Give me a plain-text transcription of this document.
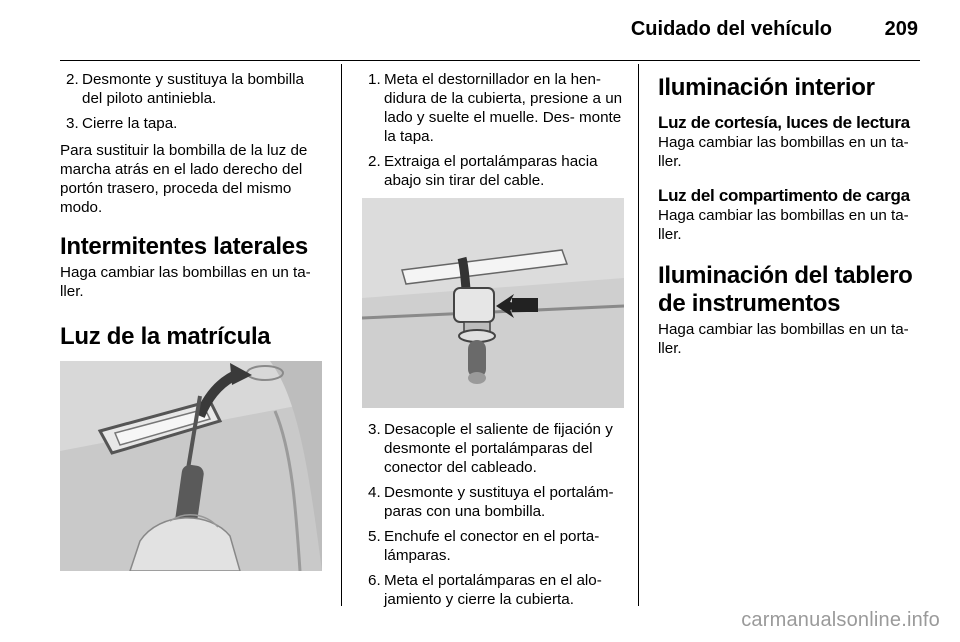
Cuidado del vehículo	209
2. Desmonte y sustituya la bombilla del piloto antiniebla.
3. Cierre la tapa.

Para sustituir la bombilla de la luz de marcha atrás en el lado derecho del portón trasero, proceda del mismo modo.

Intermitentes laterales

Haga cambiar las bombillas en un ta‐ ller.

Luz de la matrícula
1. Meta el destornillador en la hen‐ didura de la cubierta, presione a un lado y suelte el muelle. Des‐ monte la tapa.
2. Extraiga el portalámparas hacia abajo sin tirar del cable.
3. Desacople el saliente de fijación y desmonte el portalámparas del conector del cableado.
4. Desmonte y sustituya el portalám‐ paras con una bombilla.
5. Enchufe el conector en el porta‐ lámparas.
6. Meta el portalámparas en el alo‐ jamiento y cierre la cubierta.
Iluminación interior
Luz de cortesía, luces de lectura

Haga cambiar las bombillas en un ta‐ ller.

Luz del compartimento de carga

Haga cambiar las bombillas en un ta‐ ller.

Iluminación del tablero de instrumentos

Haga cambiar las bombillas en un ta‐ ller.

carmanualsonline.info
